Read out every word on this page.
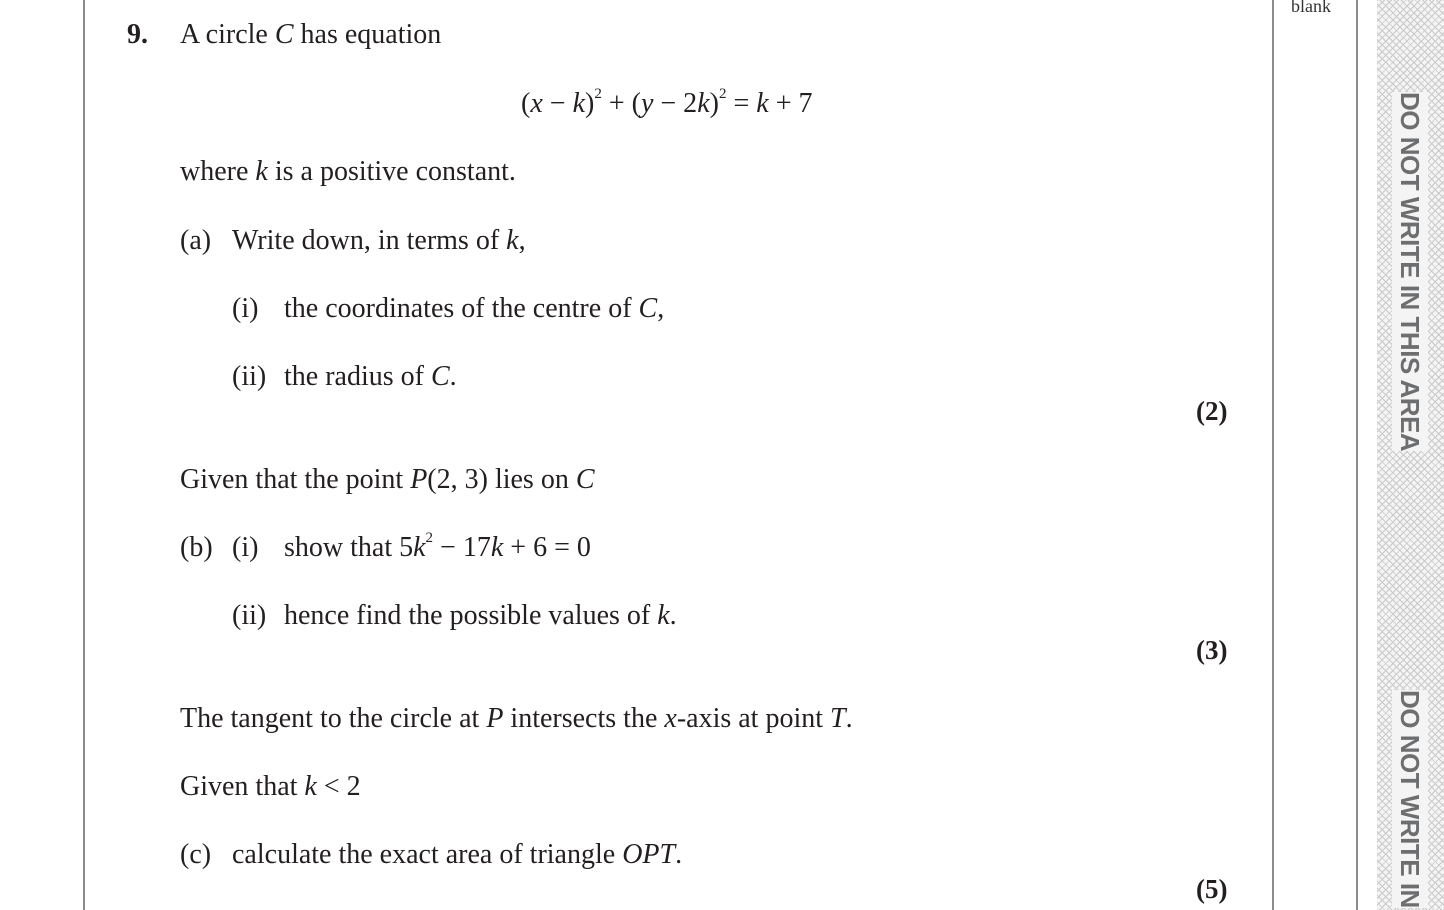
blank
DO NOT WRITE IN THIS AREA
DO NOT WRITE IN
9. A circle C has equation
$(x - k)^2 + (y - 2k)^2 = k + 7$
where k is a positive constant.
(a) Write down, in terms of k,
(i) the coordinates of the centre of C,
(ii) the radius of C.
(2)
Given that the point P(2, 3) lies on C
(b) (i) show that $5k^2 - 17k + 6 = 0$
(ii) hence find the possible values of k.
(3)
The tangent to the circle at P intersects the x-axis at point T.
Given that k < 2
(c) calculate the exact area of triangle OPT.
(5)
